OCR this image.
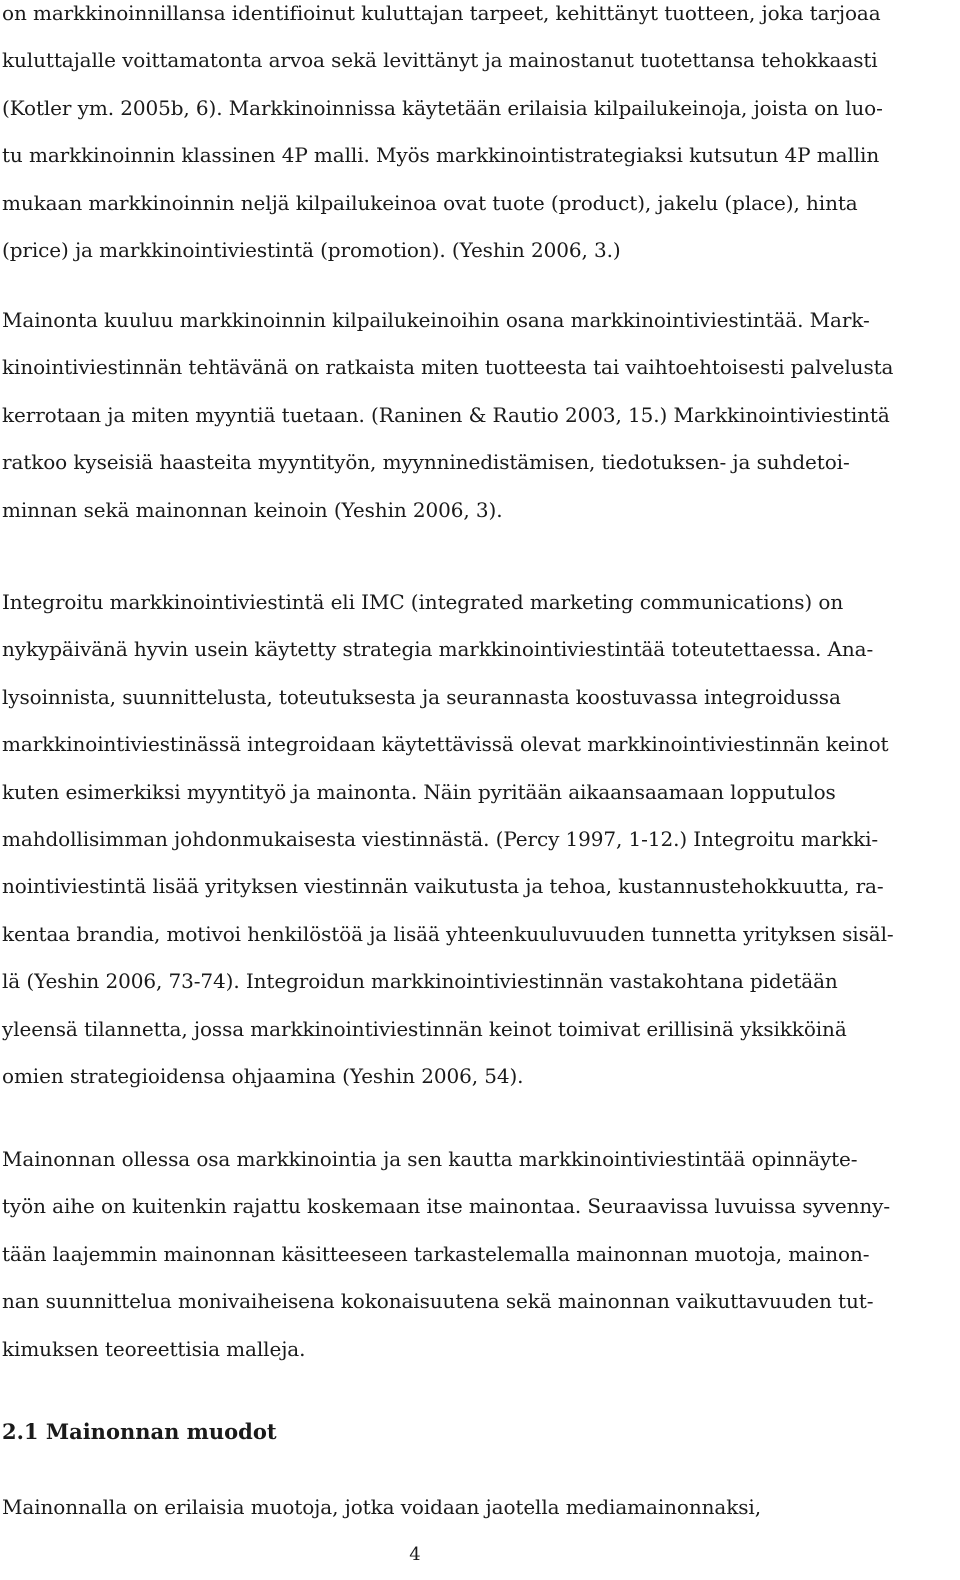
on markkinoinnillansa identifioinut kuluttajan tarpeet, kehittänyt tuotteen, joka tarjoaa
kuluttajalle voittamatonta arvoa sekä levittänyt ja mainostanut tuotettansa tehokkaasti
(Kotler ym. 2005b, 6). Markkinoinnissa käytetään erilaisia kilpailukeinoja, joista on luo-
tu markkinoinnin klassinen 4P malli. Myös markkinointistrategiaksi kutsutun 4P mallin
mukaan markkinoinnin neljä kilpailukeinoa ovat tuote (product), jakelu (place), hinta
(price) ja markkinointiviestintä (promotion). (Yeshin 2006, 3.)

Mainonta kuuluu markkinoinnin kilpailukeinoihin osana markkinointiviestintää. Mark-
kinointiviestinnän tehtävänä on ratkaista miten tuotteesta tai vaihtoehtoisesti palvelusta
kerrotaan ja miten myyntiä tuetaan. (Raninen & Rautio 2003, 15.) Markkinointiviestintä
ratkoo kyseisiä haasteita myyntityön, myynninedistämisen, tiedotuksen- ja suhdetoi-
minnan sekä mainonnan keinoin (Yeshin 2006, 3).

Integroitu markkinointiviestintä eli IMC (integrated marketing communications) on
nykypäivänä hyvin usein käytetty strategia markkinointiviestintää toteutettaessa. Ana-
lysoinnista, suunnittelusta, toteutuksesta ja seurannasta koostuvassa integroidussa
markkinointiviestinässä integroidaan käytettävissä olevat markkinointiviestinnän keinot
kuten esimerkiksi myyntityö ja mainonta. Näin pyritään aikaansaamaan lopputulos
mahdollisimman johdonmukaisesta viestinnästä. (Percy 1997, 1-12.) Integroitu markki-
nointiviestintä lisää yrityksen viestinnän vaikutusta ja tehoa, kustannustehokkuutta, ra-
kentaa brandia, motivoi henkilöstöä ja lisää yhteenkuuluvuuden tunnetta yrityksen sisäl-
lä (Yeshin 2006, 73-74). Integroidun markkinointiviestinnän vastakohtana pidetään
yleensä tilannetta, jossa markkinointiviestinnän keinot toimivat erillisinä yksikköinä
omien strategioidensa ohjaamina (Yeshin 2006, 54).

Mainonnan ollessa osa markkinointia ja sen kautta markkinointiviestintää opinnäyte-
työn aihe on kuitenkin rajattu koskemaan itse mainontaa. Seuraavissa luvuissa syvenny-
tään laajemmin mainonnan käsitteeseen tarkastelemalla mainonnan muotoja, mainon-
nan suunnittelua monivaiheisena kokonaisuutena sekä mainonnan vaikuttavuuden tut-
kimuksen teoreettisia malleja.

2.1 Mainonnan muodot

Mainonnalla on erilaisia muotoja, jotka voidaan jaotella mediamainonnaksi,

4
